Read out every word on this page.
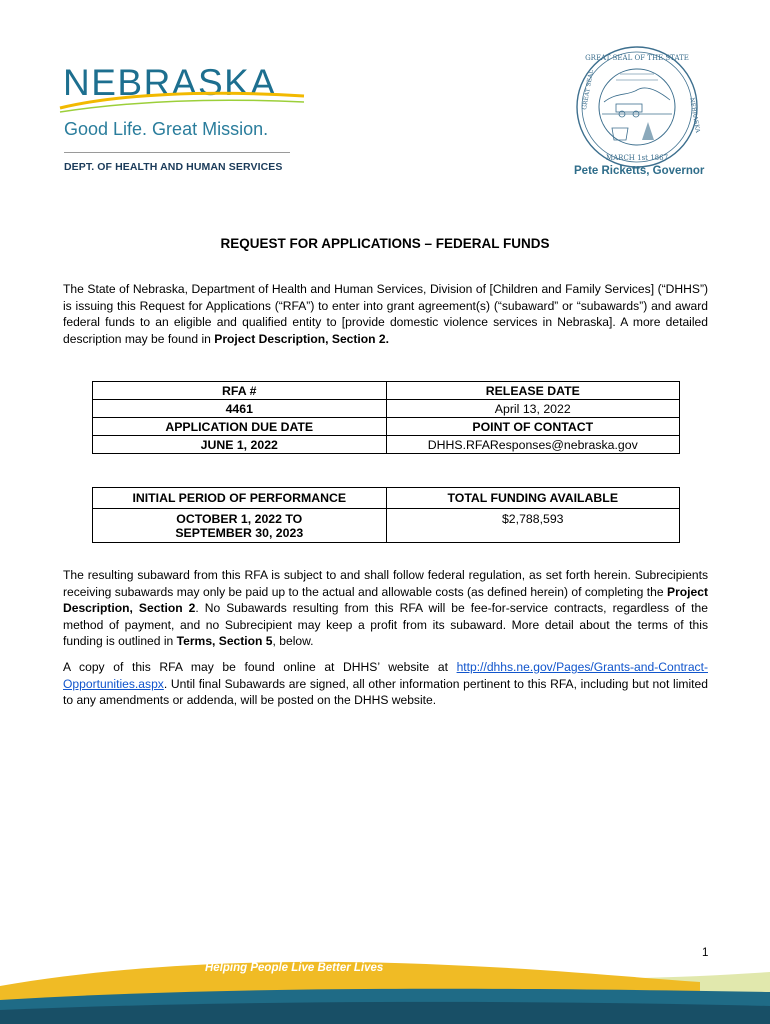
NEBRASKA
Good Life. Great Mission.
DEPT. OF HEALTH AND HUMAN SERVICES
GREAT SEAL OF THE STATE
MARCH 1st 1867
GREAT SEAL
NEBRASKA
Pete Ricketts, Governor
REQUEST FOR APPLICATIONS – FEDERAL FUNDS
The State of Nebraska, Department of Health and Human Services, Division of [Children and Family Services] (“DHHS”) is issuing this Request for Applications (“RFA”) to enter into grant agreement(s) (“subaward” or “subawards”) and award federal funds to an eligible and qualified entity to [provide domestic violence services in Nebraska]. A more detailed description may be found in Project Description, Section 2.
RFA #	RELEASE DATE
4461	April 13, 2022
APPLICATION DUE DATE	POINT OF CONTACT
JUNE 1, 2022	DHHS.RFAResponses@nebraska.gov
INITIAL PERIOD OF PERFORMANCE	TOTAL FUNDING AVAILABLE

OCTOBER 1, 2022 TO
SEPTEMBER 30, 2023	$2,788,593
The resulting subaward from this RFA is subject to and shall follow federal regulation, as set forth herein. Subrecipients receiving subawards may only be paid up to the actual and allowable costs (as defined herein) of completing the Project Description, Section 2. No Subawards resulting from this RFA will be fee-for-service contracts, regardless of the method of payment, and no Subrecipient may keep a profit from its subaward. More detail about the terms of this funding is outlined in Terms, Section 5, below.
A copy of this RFA may be found online at DHHS’ website at http://dhhs.ne.gov/Pages/Grants-and-Contract-Opportunities.aspx. Until final Subawards are signed, all other information pertinent to this RFA, including but not limited to any amendments or addenda, will be posted on the DHHS website.
1
Helping People Live Better Lives
